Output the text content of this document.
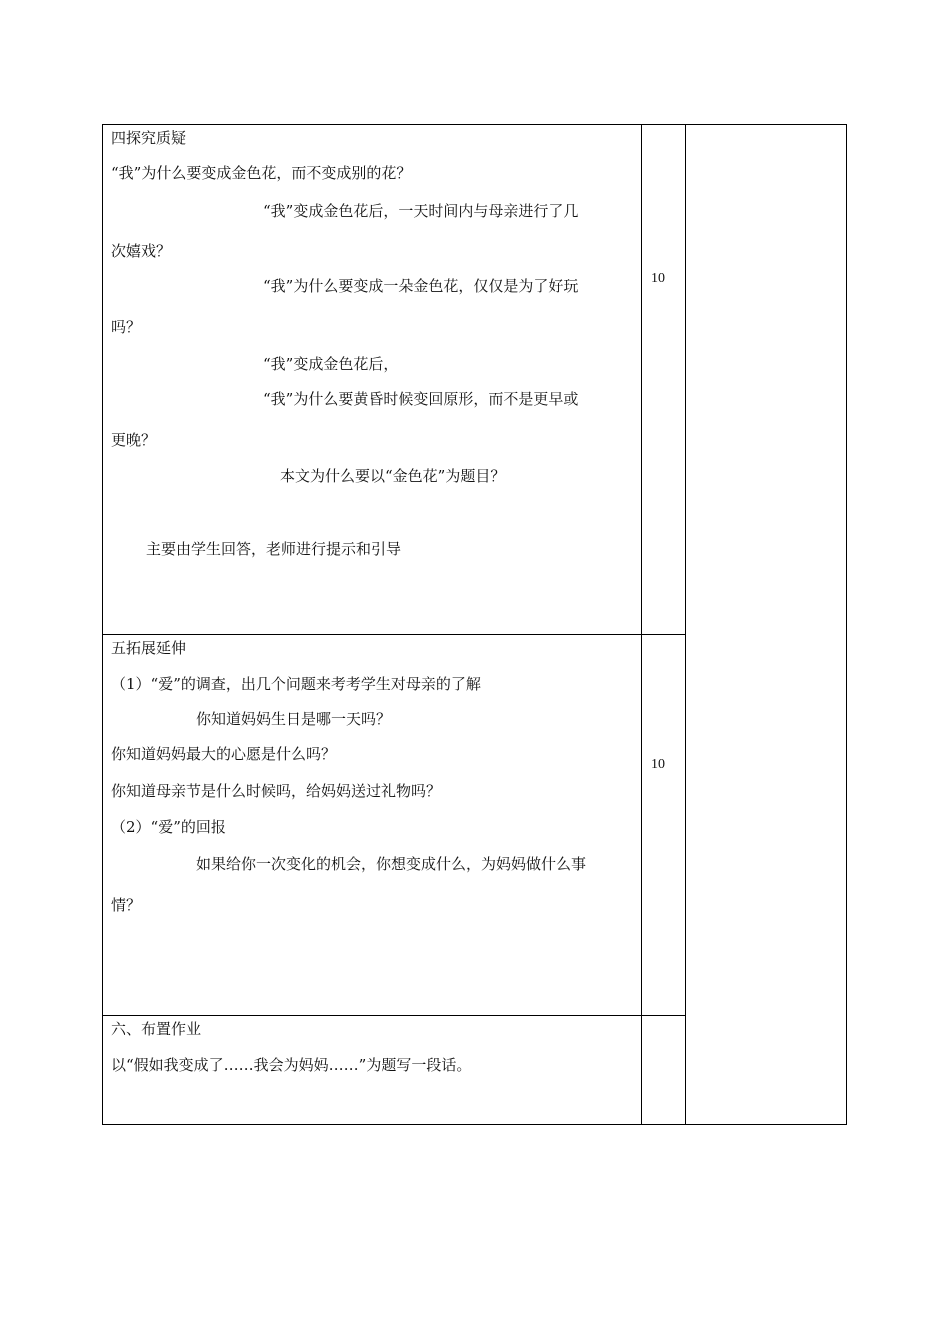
四探究质疑
“我”为什么要变成金色花，而不变成别的花？
“我”变成金色花后，一天时间内与母亲进行了几
次嬉戏？
“我”为什么要变成一朵金色花，仅仅是为了好玩
吗？
“我”变成金色花后，
“我”为什么要黄昏时候变回原形，而不是更早或
更晚？
本文为什么要以“金色花”为题目？
主要由学生回答，老师进行提示和引导
10
五拓展延伸
（1）“爱”的调查，出几个问题来考考学生对母亲的了解
你知道妈妈生日是哪一天吗？
你知道妈妈最大的心愿是什么吗？
你知道母亲节是什么时候吗，给妈妈送过礼物吗？
（2）“爱”的回报
如果给你一次变化的机会，你想变成什么，为妈妈做什么事
情？
10
六、布置作业
以“假如我变成了……我会为妈妈……”为题写一段话。
